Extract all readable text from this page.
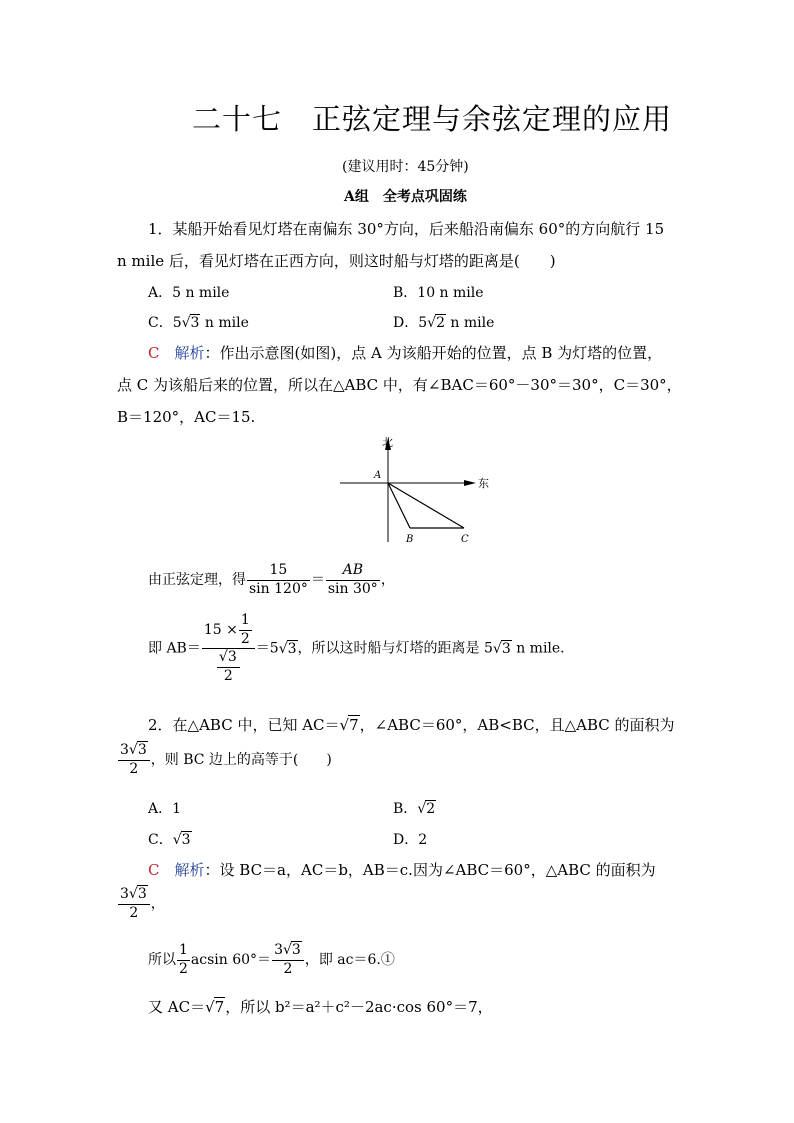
二十七　正弦定理与余弦定理的应用
(建议用时：45分钟)
A组　全考点巩固练
1．某船开始看见灯塔在南偏东 30°方向，后来船沿南偏东 60°的方向航行 15
n mile 后，看见灯塔在正西方向，则这时船与灯塔的距离是(　　)
A．5 n mile	B．10 n mile
C．5√3 n mile	D．5√2 n mile
C　 解析：作出示意图(如图)，点 A 为该船开始的位置，点 B 为灯塔的位置，
点 C 为该船后来的位置，所以在△ABC 中，有∠BAC＝60°－30°＝30°，C＝30°，
B＝120°，AC＝15.
北
东
A
B	C
由正弦定理，得 $\frac{15}{\sin 120^\circ} = \frac{AB}{\sin 30^\circ}$ ，
即 $AB= \frac{15 \times \frac{1}{2}}{\frac{√3}{2}} =5√3$，所以这时船与灯塔的距离是 5√3 n mile.
2．在△ABC 中，已知 AC＝√7，∠ABC＝60°，AB<BC，且△ABC 的面积为
$\frac{3√3}{2}$ ，则 BC 边上的高等于(　　)
A．1	B．√2
C．√3	D．2
C　 解析：设 BC＝a，AC＝b，AB＝c.因为∠ABC＝60°，△ABC 的面积为
$\frac{3√3}{2}$ ，
所以 $\frac{1}{2}$ acsin $60^\circ= \frac{3√3}{2}$ ，即 ac＝6.①
又 AC＝√7，所以 b²＝a²＋c²－2ac·cos 60°＝7，
